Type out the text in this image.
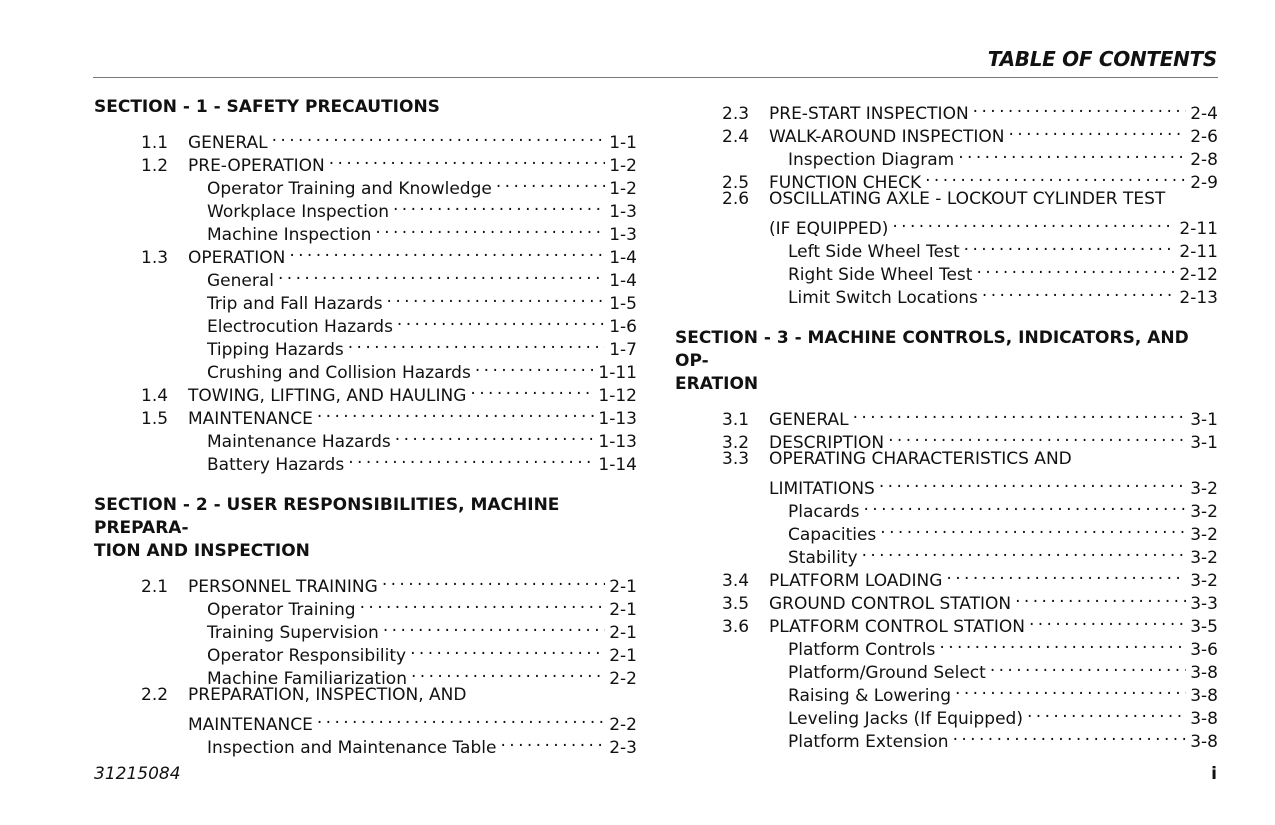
TABLE OF CONTENTS
SECTION - 1 - SAFETY PRECAUTIONS
1.1	GENERAL . . .	1-1
1.2	PRE-OPERATION . . .	1-2
Operator Training and Knowledge . . .	1-2
Workplace Inspection . . .	1-3
Machine Inspection . . .	1-3
1.3	OPERATION . . .	1-4
General . . .	1-4
Trip and Fall Hazards . . .	1-5
Electrocution Hazards . . .	1-6
Tipping Hazards . . .	1-7
Crushing and Collision Hazards . . .	1-11
1.4	TOWING, LIFTING, AND HAULING . . .	1-12
1.5	MAINTENANCE . . .	1-13
Maintenance Hazards . . .	1-13
Battery Hazards . . .	1-14
SECTION - 2 - USER RESPONSIBILITIES, MACHINE PREPARA-
TION AND INSPECTION
2.1	PERSONNEL TRAINING . . .	2-1
Operator Training . . .	2-1
Training Supervision . . .	2-1
Operator Responsibility . . .	2-1
Machine Familiarization . . .	2-2
2.2	PREPARATION, INSPECTION, AND
MAINTENANCE . . .	2-2
Inspection and Maintenance Table . . .	2-3
2.3	PRE-START INSPECTION . . .	2-4
2.4	WALK-AROUND INSPECTION . . .	2-6
Inspection Diagram . . .	2-8
2.5	FUNCTION CHECK . . .	2-9
2.6	OSCILLATING AXLE - LOCKOUT CYLINDER TEST
(IF EQUIPPED) . . .	2-11
Left Side Wheel Test . . .	2-11
Right Side Wheel Test . . .	2-12
Limit Switch Locations . . .	2-13
SECTION - 3 - MACHINE CONTROLS, INDICATORS, AND OP-
ERATION
3.1	GENERAL . . .	3-1
3.2	DESCRIPTION . . .	3-1
3.3	OPERATING CHARACTERISTICS AND
LIMITATIONS . . .	3-2
Placards . . .	3-2
Capacities . . .	3-2
Stability . . .	3-2
3.4	PLATFORM LOADING . . .	3-2
3.5	GROUND CONTROL STATION . . .	3-3
3.6	PLATFORM CONTROL STATION . . .	3-5
Platform Controls . . .	3-6
Platform/Ground Select . . .	3-8
Raising & Lowering . . .	3-8
Leveling Jacks (If Equipped) . . .	3-8
Platform Extension . . .	3-8
31215084	i
